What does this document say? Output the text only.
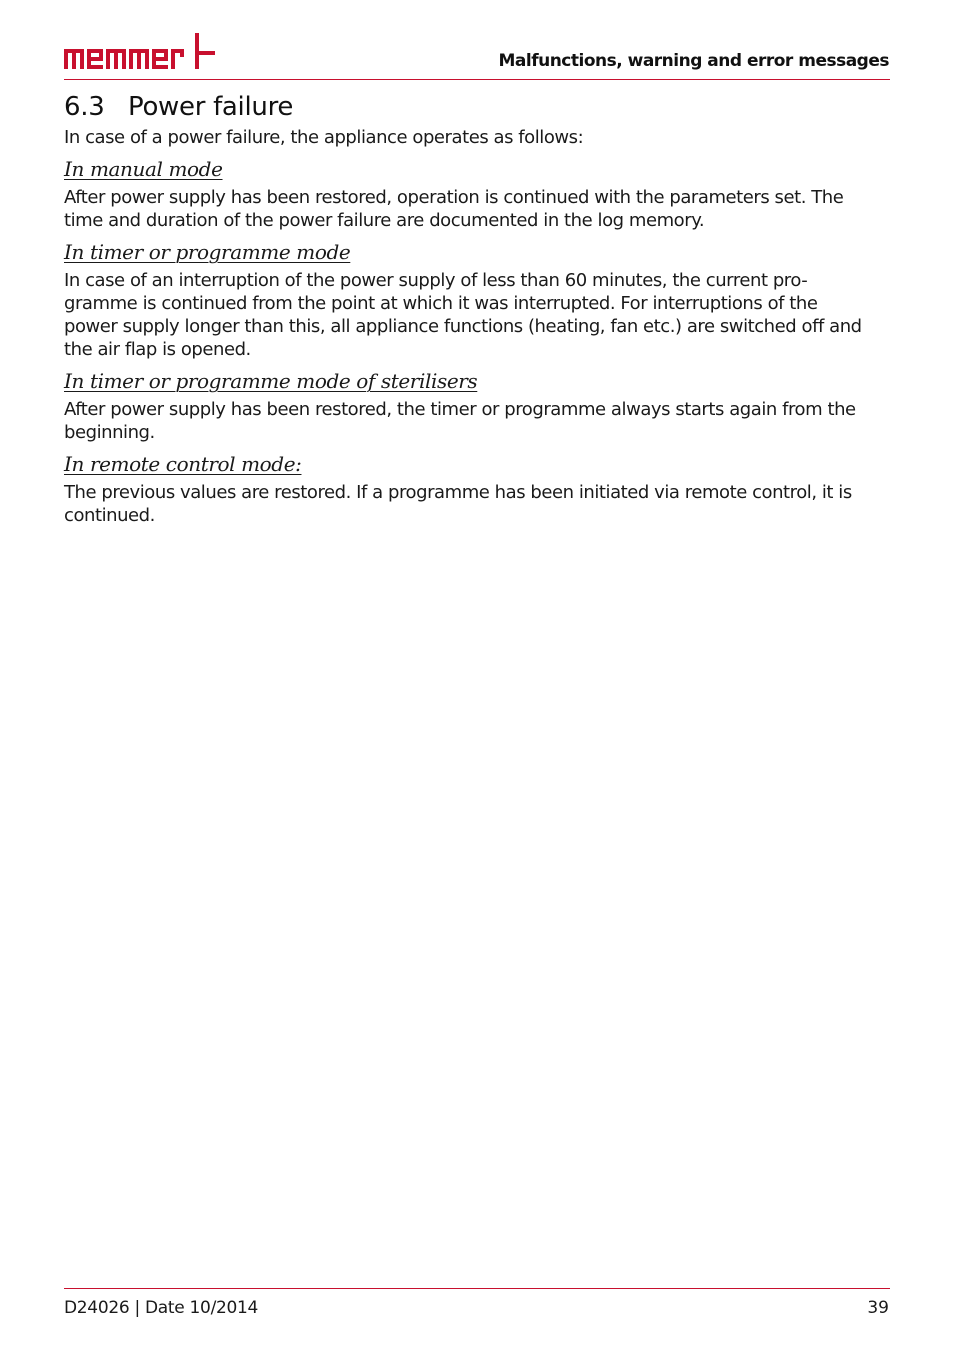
Malfunctions, warning and error messages
6.3 Power failure

In case of a power failure, the appliance operates as follows:

In manual mode

After power supply has been restored, operation is continued with the parameters set. The
time and duration of the power failure are documented in the log memory.

In timer or programme mode

In case of an interruption of the power supply of less than 60 minutes, the current pro-
gramme is continued from the point at which it was interrupted. For interruptions of the
power supply longer than this, all appliance functions (heating, fan etc.) are switched off and
the air flap is opened.

In timer or programme mode of sterilisers

After power supply has been restored, the timer or programme always starts again from the
beginning.

In remote control mode:

The previous values are restored. If a programme has been initiated via remote control, it is
continued.

D24026 | Date 10/2014	39
